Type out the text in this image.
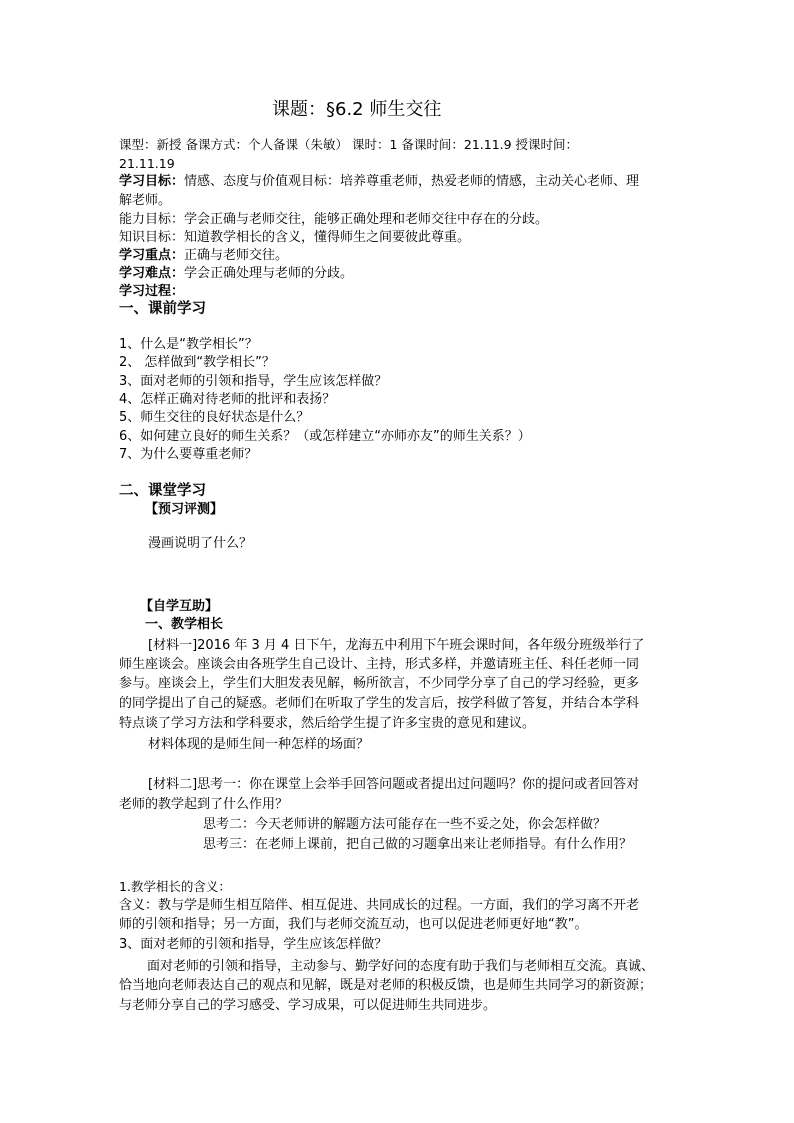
课题：§6.2 师生交往
课型：新授 备课方式：个人备课（朱敏） 课时：1 备课时间：21.11.9 授课时间：
21.11.19
学习目标：情感、态度与价值观目标：培养尊重老师，热爱老师的情感，主动关心老师、理
解老师。
能力目标：学会正确与老师交往，能够正确处理和老师交往中存在的分歧。
知识目标：知道教学相长的含义，懂得师生之间要彼此尊重。
学习重点：正确与老师交往。
学习难点：学会正确处理与老师的分歧。
学习过程：
一、课前学习
1、什么是“教学相长”？
2、 怎样做到“教学相长”？
3、面对老师的引领和指导，学生应该怎样做？
4、怎样正确对待老师的批评和表扬？
5、师生交往的良好状态是什么？
6、如何建立良好的师生关系？（或怎样建立“亦师亦友”的师生关系？）
7、为什么要尊重老师？
二、课堂学习
【预习评测】
漫画说明了什么？
【自学互助】
一、教学相长
[材料一]2016 年 3 月 4 日下午，龙海五中利用下午班会课时间，各年级分班级举行了
师生座谈会。座谈会由各班学生自己设计、主持，形式多样，并邀请班主任、科任老师一同
参与。座谈会上，学生们大胆发表见解，畅所欲言，不少同学分享了自己的学习经验，更多
的同学提出了自己的疑惑。老师们在听取了学生的发言后，按学科做了答复，并结合本学科
特点谈了学习方法和学科要求，然后给学生提了许多宝贵的意见和建议。
材料体现的是师生间一种怎样的场面？
[材料二]思考一：你在课堂上会举手回答问题或者提出过问题吗？你的提问或者回答对
老师的教学起到了什么作用？
思考二：今天老师讲的解题方法可能存在一些不妥之处，你会怎样做？
思考三：在老师上课前，把自己做的习题拿出来让老师指导。有什么作用？
1.教学相长的含义：
含义：教与学是师生相互陪伴、相互促进、共同成长的过程。一方面，我们的学习离不开老
师的引领和指导；另一方面，我们与老师交流互动，也可以促进老师更好地“教”。
3、面对老师的引领和指导，学生应该怎样做？
面对老师的引领和指导，主动参与、勤学好问的态度有助于我们与老师相互交流。真诚、
恰当地向老师表达自己的观点和见解，既是对老师的积极反馈，也是师生共同学习的新资源；
与老师分享自己的学习感受、学习成果，可以促进师生共同进步。
